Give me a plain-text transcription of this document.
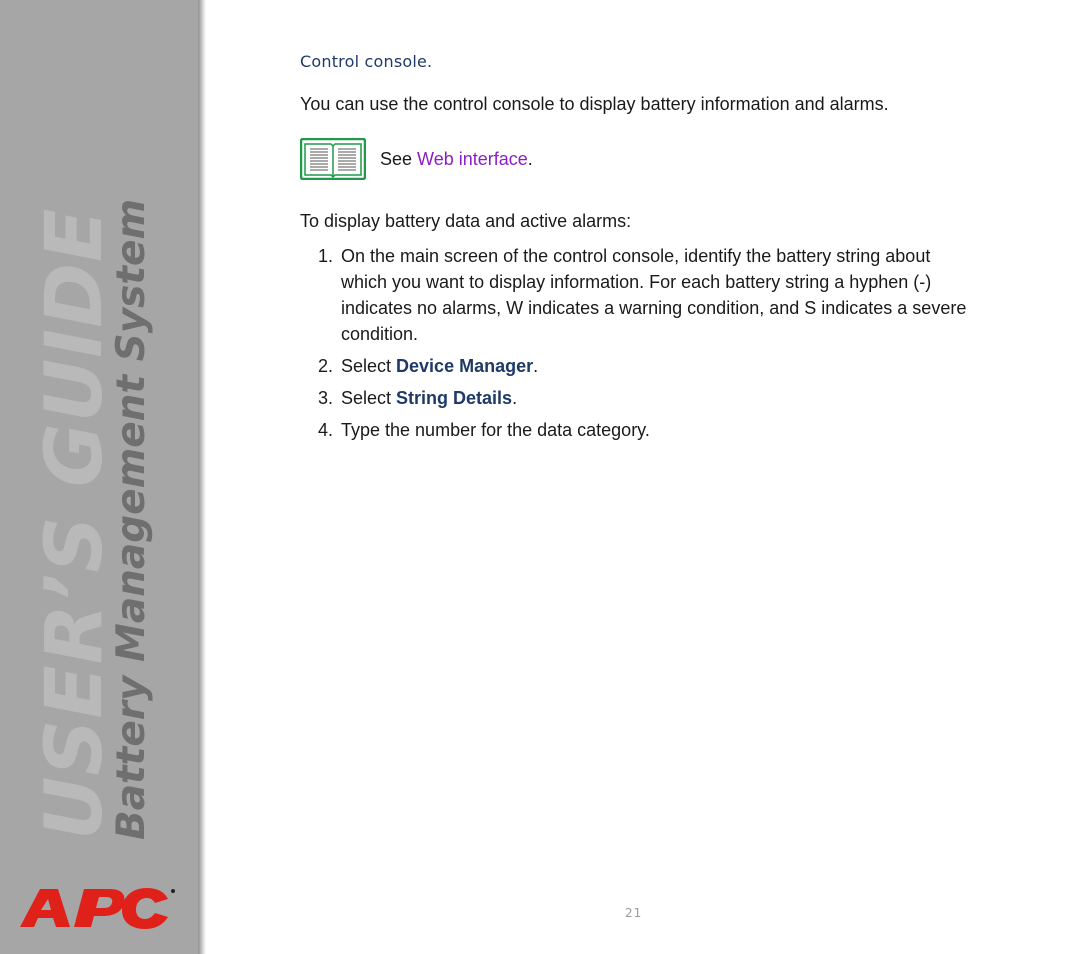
USER’S GUIDE
Battery Management System
Control console.

You can use the control console to display battery information and alarms.

See Web interface.

To display battery data and active alarms:

1. On the main screen of the control console, identify the battery string about which you want to display information. For each battery string a hyphen (-) indicates no alarms, W indicates a warning condition, and S indicates a severe condition.
2. Select Device Manager.
3. Select String Details.
4. Type the number for the data category.
21
